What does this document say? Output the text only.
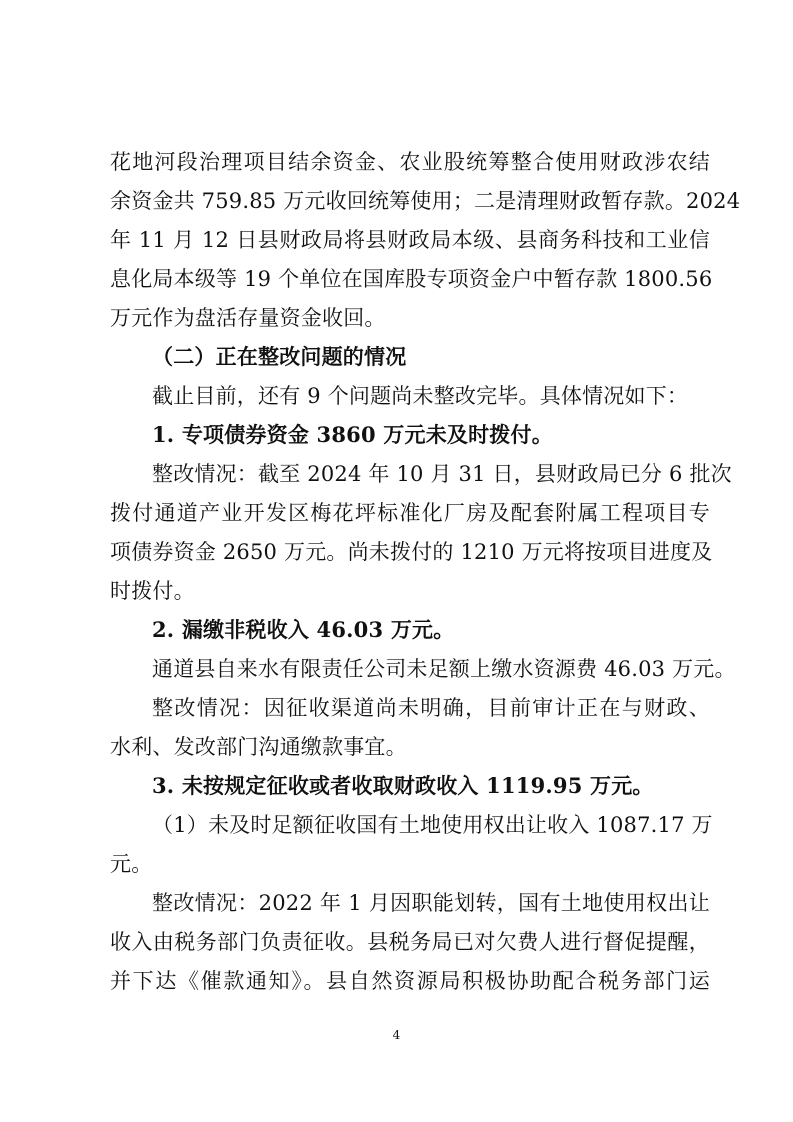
花地河段治理项目结余资金、农业股统筹整合使用财政涉农结
余资金共 759.85 万元收回统筹使用；二是清理财政暂存款。2024
年 11 月 12 日县财政局将县财政局本级、县商务科技和工业信
息化局本级等 19 个单位在国库股专项资金户中暂存款 1800.56
万元作为盘活存量资金收回。
（二）正在整改问题的情况
截止目前，还有 9 个问题尚未整改完毕。具体情况如下：
1. 专项债券资金 3860 万元未及时拨付。
整改情况：截至 2024 年 10 月 31 日，县财政局已分 6 批次
拨付通道产业开发区梅花坪标准化厂房及配套附属工程项目专
项债券资金 2650 万元。尚未拨付的 1210 万元将按项目进度及
时拨付。
2. 漏缴非税收入 46.03 万元。
通道县自来水有限责任公司未足额上缴水资源费 46.03 万元。
整改情况：因征收渠道尚未明确，目前审计正在与财政、
水利、发改部门沟通缴款事宜。
3. 未按规定征收或者收取财政收入 1119.95 万元。
（1）未及时足额征收国有土地使用权出让收入 1087.17 万
元。
整改情况：2022 年 1 月因职能划转，国有土地使用权出让
收入由税务部门负责征收。县税务局已对欠费人进行督促提醒，
并下达《催款通知》。县自然资源局积极协助配合税务部门运
4
